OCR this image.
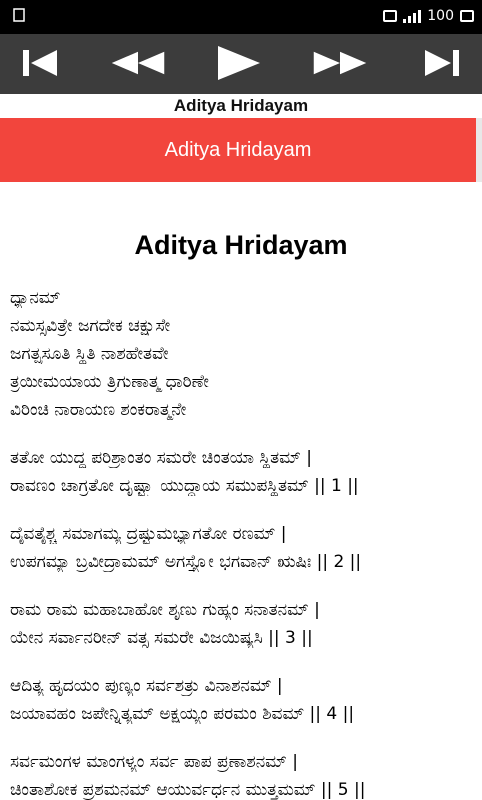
100
Aditya Hridayam
Aditya Hridayam
Aditya Hridayam
ಧ್ಯಾನಮ್
ನಮಸ್ಸವಿತ್ರೇ ಜಗದೇಕ ಚಕ್ಷುಸೇ
ಜಗತ್ಪ್ರಸೂತಿ ಸ್ಥಿತಿ ನಾಶಹೇತವೇ
ತ್ರಯೀಮಯಾಯ ತ್ರಿಗುಣಾತ್ಮ ಧಾರಿಣೇ
ವಿರಿಂಚಿ ನಾರಾಯಣ ಶಂಕರಾತ್ಮನೇ
ತತೋ ಯುದ್ಧ ಪರಿಶ್ರಾಂತಂ ಸಮರೇ ಚಿಂತಯಾ ಸ್ಥಿತಮ್ |
ರಾವಣಂ ಚಾಗ್ರತೋ ದೃಷ್ಟ್ವಾ ಯುದ್ಧಾಯ ಸಮುಪಸ್ಥಿತಮ್ || 1 ||
ದೈವತೈಶ್ಚ ಸಮಾಗಮ್ಯ ದ್ರಷ್ಟುಮಭ್ಯಾಗತೋ ರಣಮ್ |
ಉಪಗಮ್ಯಾ ಬ್ರವೀದ್ರಾಮಮ್ ಅಗಸ್ತ್ಯೋ ಭಗವಾನ್ ಋಷಿಃ || 2 ||
ರಾಮ ರಾಮ ಮಹಾಬಾಹೋ ಶೃಣು ಗುಹ್ಯಂ ಸನಾತನಮ್ |
ಯೇನ ಸರ್ವಾನರೀನ್ ವತ್ಸ ಸಮರೇ ವಿಜಯಿಷ್ಯಸಿ || 3 ||
ಆದಿತ್ಯ ಹೃದಯಂ ಪುಣ್ಯಂ ಸರ್ವಶತ್ರು ವಿನಾಶನಮ್ |
ಜಯಾವಹಂ ಜಪೇನ್ನಿತ್ಯಮ್ ಅಕ್ಷಯ್ಯಂ ಪರಮಂ ಶಿವಮ್ || 4 ||
ಸರ್ವಮಂಗಳ ಮಾಂಗಳ್ಯಂ ಸರ್ವ ಪಾಪ ಪ್ರಣಾಶನಮ್ |
ಚಿಂತಾಶೋಕ ಪ್ರಶಮನಮ್ ಆಯುರ್ವರ್ಧನ ಮುತ್ತಮಮ್ || 5 ||
